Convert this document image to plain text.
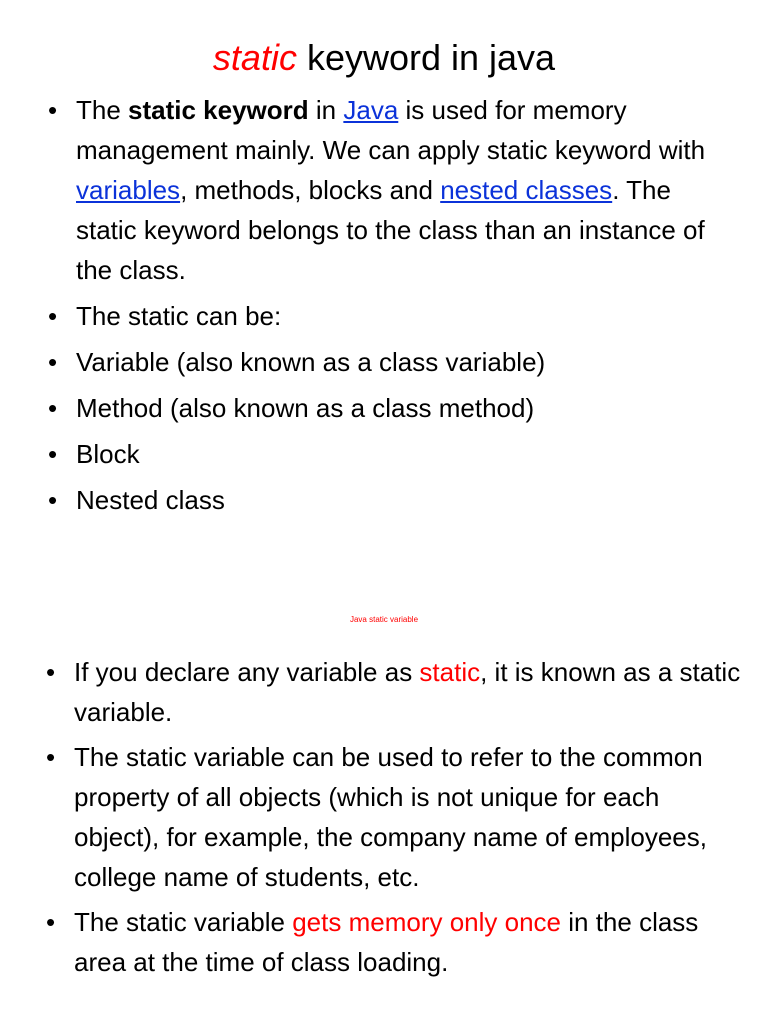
static keyword in java
• The static keyword in Java is used for memory management mainly. We can apply static keyword with variables, methods, blocks and nested classes. The static keyword belongs to the class than an instance of the class.
• The static can be:
• Variable (also known as a class variable)
• Method (also known as a class method)
• Block
• Nested class
Java static variable
• If you declare any variable as static, it is known as a static variable.
• The static variable can be used to refer to the common property of all objects (which is not unique for each object), for example, the company name of employees, college name of students, etc.
• The static variable gets memory only once in the class area at the time of class loading.
